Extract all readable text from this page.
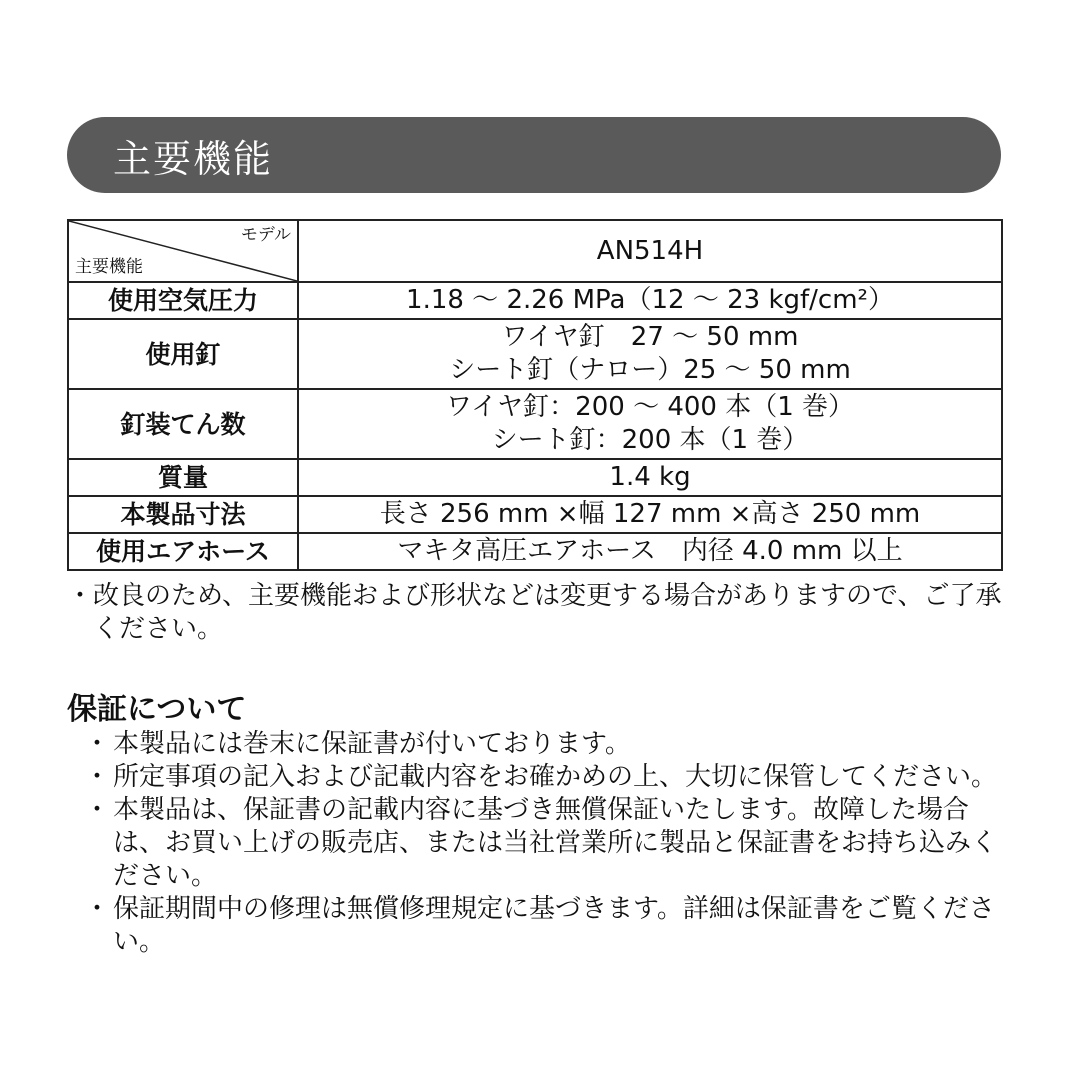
主要機能
モデル
主要機能	AN514H
使用空気圧力	1.18 ～ 2.26 MPa（12 ～ 23 kgf/cm²）

使用釘	ワイヤ釘　27 ～ 50 mm
シート釘（ナロー）25 ～ 50 mm

釘装てん数	ワイヤ釘：200 ～ 400 本（1 巻）
シート釘：200 本（1 巻）

質量	1.4 kg

本製品寸法	長さ 256 mm ×幅 127 mm ×高さ 250 mm

使用エアホース	マキタ高圧エアホース　内径 4.0 mm 以上
・ 改良のため、主要機能および形状などは変更する場合がありますので、ご了承ください。
保証について
・ 本製品には巻末に保証書が付いております。
・ 所定事項の記入および記載内容をお確かめの上、大切に保管してください。
・ 本製品は、保証書の記載内容に基づき無償保証いたします。故障した場合は、お買い上げの販売店、または当社営業所に製品と保証書をお持ち込みください。
・ 保証期間中の修理は無償修理規定に基づきます。詳細は保証書をご覧ください。
